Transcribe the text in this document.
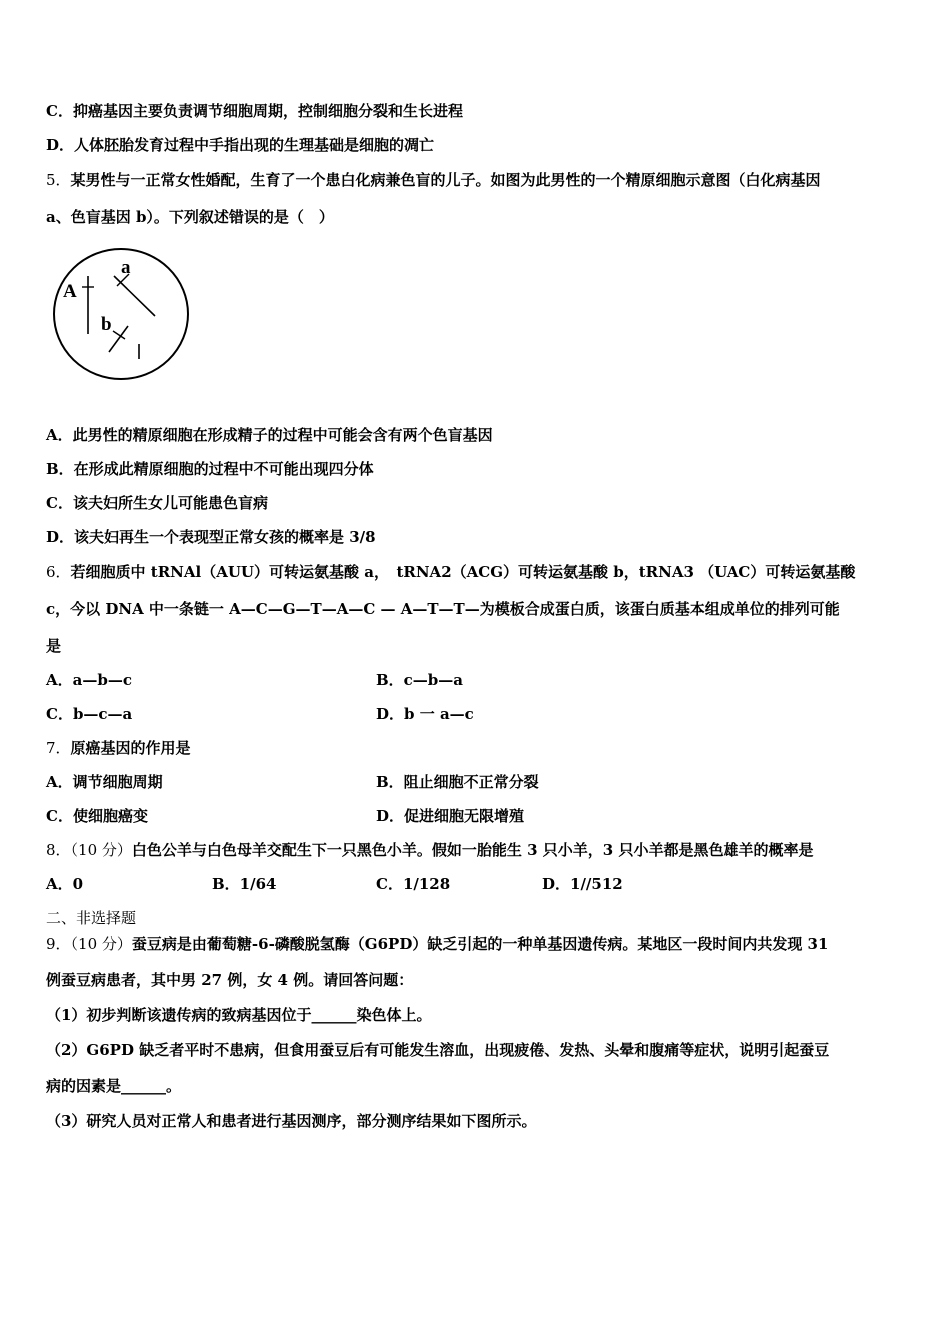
C．抑癌基因主要负责调节细胞周期，控制细胞分裂和生长进程
D．人体胚胎发育过程中手指出现的生理基础是细胞的凋亡
5．某男性与一正常女性婚配，生育了一个患白化病兼色盲的儿子。如图为此男性的一个精原细胞示意图（白化病基因
a、色盲基因 b）。下列叙述错误的是（　）
A
a
b
A．此男性的精原细胞在形成精子的过程中可能会含有两个色盲基因
B．在形成此精原细胞的过程中不可能出现四分体
C．该夫妇所生女儿可能患色盲病
D．该夫妇再生一个表现型正常女孩的概率是 3/8
6．若细胞质中 tRNAl（AUU）可转运氨基酸 a，　tRNA2（ACG）可转运氨基酸 b，tRNA3 （UAC）可转运氨基酸
c，今以 DNA 中一条链一 A—C—G—T—A—C — A—T—T—为模板合成蛋白质，该蛋白质基本组成单位的排列可能
是
A．a—b—c	B．c—b—a
C．b—c—a	D．b 一 a—c
7．原癌基因的作用是
A．调节细胞周期	B．阻止细胞不正常分裂
C．使细胞癌变	D．促进细胞无限增殖
8．（10 分）白色公羊与白色母羊交配生下一只黑色小羊。假如一胎能生 3 只小羊，3 只小羊都是黑色雄羊的概率是
A．0	B．1/64	C．1/128	D．1//512
二、非选择题
9．（10 分）蚕豆病是由葡萄糖-6-磷酸脱氢酶（G6PD）缺乏引起的一种单基因遗传病。某地区一段时间内共发现 31
例蚕豆病患者，其中男 27 例，女 4 例。请回答问题：
（1）初步判断该遗传病的致病基因位于______染色体上。
（2）G6PD 缺乏者平时不患病，但食用蚕豆后有可能发生溶血，出现疲倦、发热、头晕和腹痛等症状，说明引起蚕豆
病的因素是______。
（3）研究人员对正常人和患者进行基因测序，部分测序结果如下图所示。
